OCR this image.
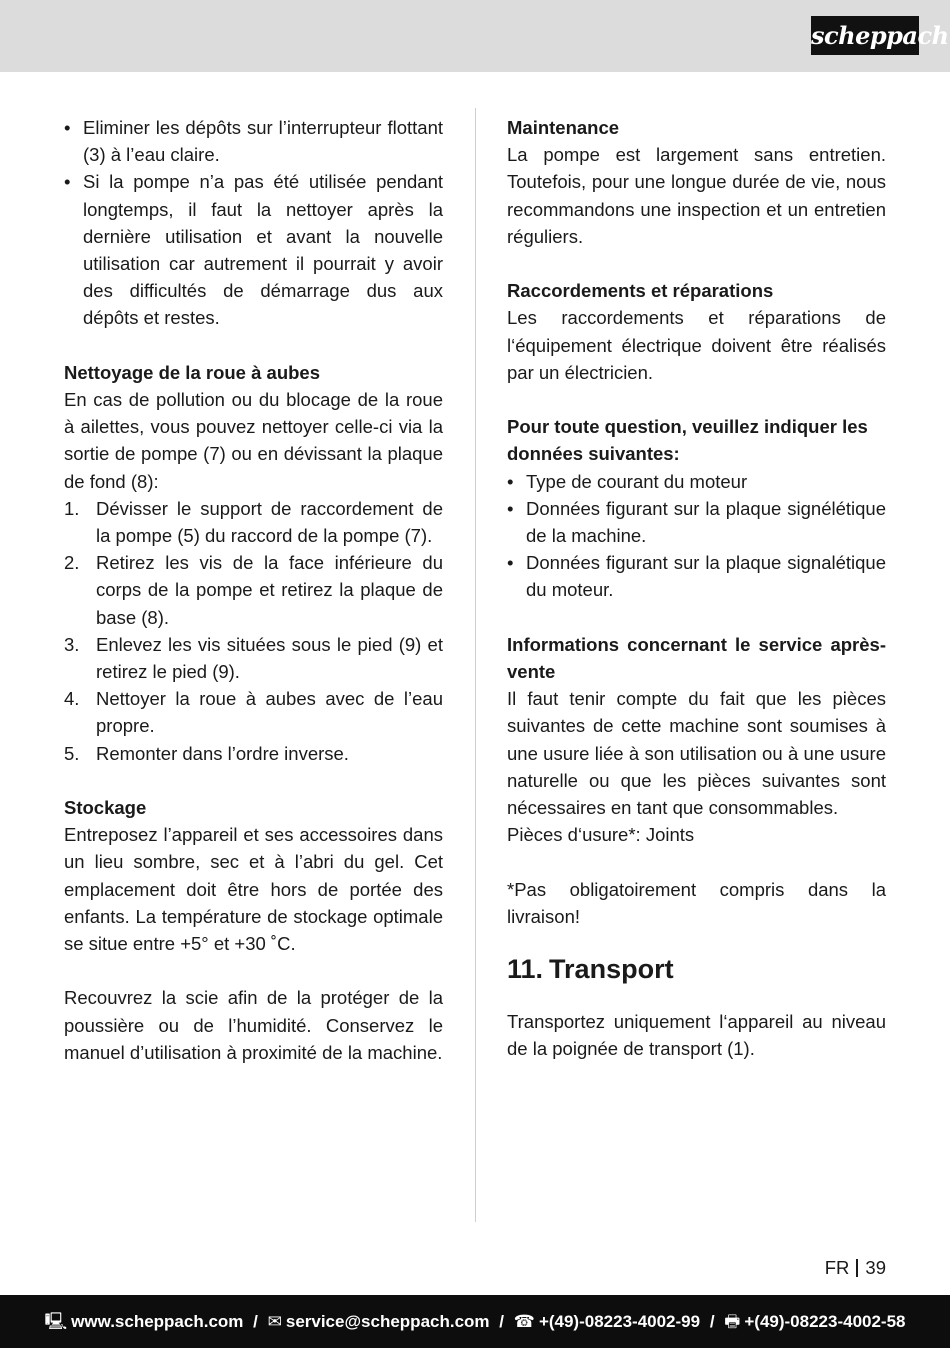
scheppach
• Eliminer les dépôts sur l’interrupteur flottant (3) à l’eau claire.
• Si la pompe n’a pas été utilisée pendant longtemps, il faut la nettoyer après la dernière utilisation et avant la nouvelle utilisation car autrement il pourrait y avoir des difficultés de démarrage dus aux dépôts et restes.
Nettoyage de la roue à aubes

En cas de pollution ou du blocage de la roue à ailettes, vous pouvez nettoyer celle-ci via la sortie de pompe (7) ou en dévissant la plaque de fond (8):

1. Dévisser le support de raccordement de la pompe (5) du raccord de la pompe (7).
2. Retirez les vis de la face inférieure du corps de la pompe et retirez la plaque de base (8).
3. Enlevez les vis situées sous le pied (9) et retirez le pied (9).
4. Nettoyer la roue à aubes avec de l’eau propre.
5. Remonter dans l’ordre inverse.
Stockage

Entreposez l’appareil et ses accessoires dans un lieu sombre, sec et à l’abri du gel. Cet emplacement doit être hors de portée des enfants. La température de stockage optimale se situe entre +5° et +30 ˚C.

Recouvrez la scie afin de la protéger de la poussière ou de l’humidité. Conservez le manuel d’utilisation à proximité de la machine.

Maintenance

La pompe est largement sans entretien. Toutefois, pour une longue durée de vie, nous recommandons une inspection et un entretien réguliers.

Raccordements et réparations

Les raccordements et réparations de l‘équipement électrique doivent être réalisés par un électricien.

Pour toute question, veuillez indiquer les données suivantes:
• Type de courant du moteur
• Données figurant sur la plaque signélétique de la machine.
• Données figurant sur la plaque signalétique du moteur.

Informations concernant le service après-vente

Il faut tenir compte du fait que les pièces suivantes de cette machine sont soumises à une usure liée à son utilisation ou à une usure naturelle ou que les pièces suivantes sont nécessaires en tant que consommables.

Pièces d‘usure*: Joints

*Pas obligatoirement compris dans la livraison!

11. Transport

Transportez uniquement l‘appareil au niveau de la poignée de transport (1).

FR 39
🖳 www.scheppach.com / ✉ service@scheppach.com / ☎ +(49)-08223-4002-99 / 🖶 +(49)-08223-4002-58
